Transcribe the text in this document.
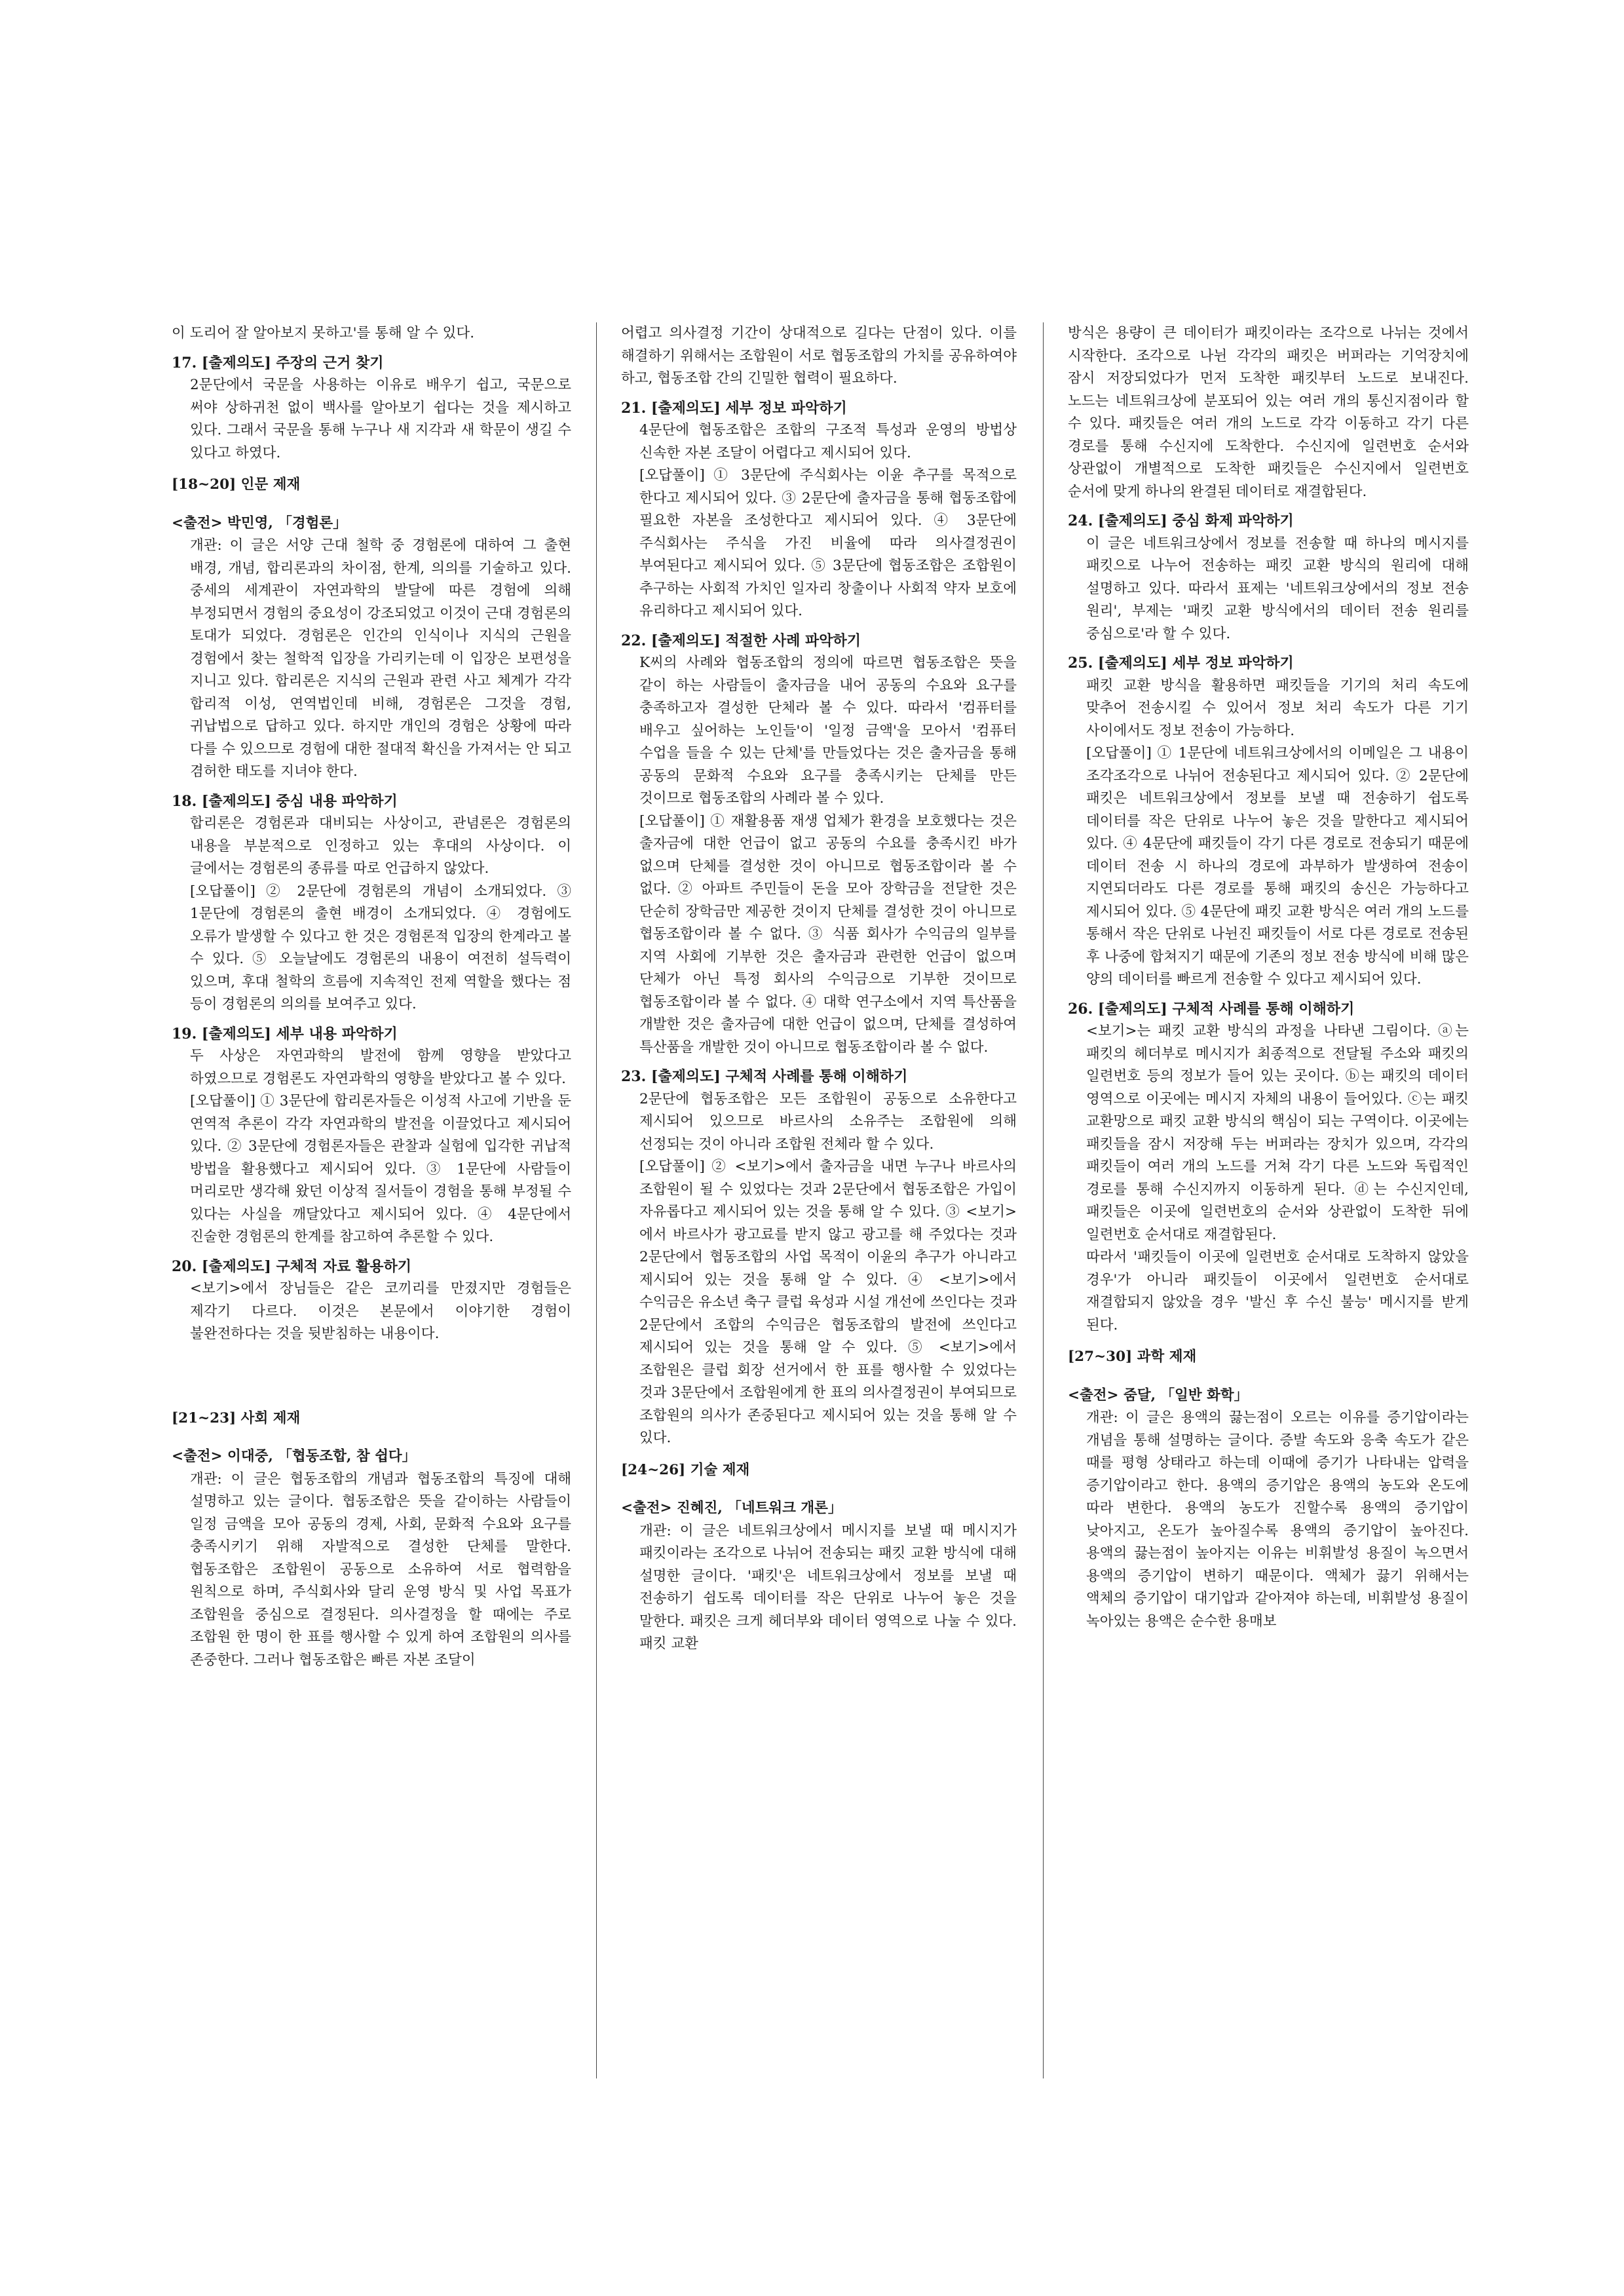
이 도리어 잘 알아보지 못하고'를 통해 알 수 있다.

17. [출제의도] 주장의 근거 찾기

2문단에서 국문을 사용하는 이유로 배우기 쉽고, 국문으로 써야 상하귀천 없이 백사를 알아보기 쉽다는 것을 제시하고 있다. 그래서 국문을 통해 누구나 새 지각과 새 학문이 생길 수 있다고 하였다.

[18~20] 인문 제재

<출전> 박민영, 「경험론」

개관: 이 글은 서양 근대 철학 중 경험론에 대하여 그 출현 배경, 개념, 합리론과의 차이점, 한계, 의의를 기술하고 있다. 중세의 세계관이 자연과학의 발달에 따른 경험에 의해 부정되면서 경험의 중요성이 강조되었고 이것이 근대 경험론의 토대가 되었다. 경험론은 인간의 인식이나 지식의 근원을 경험에서 찾는 철학적 입장을 가리키는데 이 입장은 보편성을 지니고 있다. 합리론은 지식의 근원과 관련 사고 체계가 각각 합리적 이성, 연역법인데 비해, 경험론은 그것을 경험, 귀납법으로 답하고 있다. 하지만 개인의 경험은 상황에 따라 다를 수 있으므로 경험에 대한 절대적 확신을 가져서는 안 되고 겸허한 태도를 지녀야 한다.

18. [출제의도] 중심 내용 파악하기

합리론은 경험론과 대비되는 사상이고, 관념론은 경험론의 내용을 부분적으로 인정하고 있는 후대의 사상이다. 이 글에서는 경험론의 종류를 따로 언급하지 않았다.

[오답풀이] ② 2문단에 경험론의 개념이 소개되었다. ③ 1문단에 경험론의 출현 배경이 소개되었다. ④ 경험에도 오류가 발생할 수 있다고 한 것은 경험론적 입장의 한계라고 볼 수 있다. ⑤ 오늘날에도 경험론의 내용이 여전히 설득력이 있으며, 후대 철학의 흐름에 지속적인 전제 역할을 했다는 점 등이 경험론의 의의를 보여주고 있다.

19. [출제의도] 세부 내용 파악하기

두 사상은 자연과학의 발전에 함께 영향을 받았다고 하였으므로 경험론도 자연과학의 영향을 받았다고 볼 수 있다.

[오답풀이] ① 3문단에 합리론자들은 이성적 사고에 기반을 둔 연역적 추론이 각각 자연과학의 발전을 이끌었다고 제시되어 있다. ② 3문단에 경험론자들은 관찰과 실험에 입각한 귀납적 방법을 활용했다고 제시되어 있다. ③ 1문단에 사람들이 머리로만 생각해 왔던 이상적 질서들이 경험을 통해 부정될 수 있다는 사실을 깨달았다고 제시되어 있다. ④ 4문단에서 진술한 경험론의 한계를 참고하여 추론할 수 있다.

20. [출제의도] 구체적 자료 활용하기

<보기>에서 장님들은 같은 코끼리를 만졌지만 경험들은 제각기 다르다. 이것은 본문에서 이야기한 경험이 불완전하다는 것을 뒷받침하는 내용이다.

[21~23] 사회 제재

<출전> 이대중, 「협동조합, 참 쉽다」

개관: 이 글은 협동조합의 개념과 협동조합의 특징에 대해 설명하고 있는 글이다. 협동조합은 뜻을 같이하는 사람들이 일정 금액을 모아 공동의 경제, 사회, 문화적 수요와 요구를 충족시키기 위해 자발적으로 결성한 단체를 말한다. 협동조합은 조합원이 공동으로 소유하여 서로 협력함을 원칙으로 하며, 주식회사와 달리 운영 방식 및 사업 목표가 조합원을 중심으로 결정된다. 의사결정을 할 때에는 주로 조합원 한 명이 한 표를 행사할 수 있게 하여 조합원의 의사를 존중한다. 그러나 협동조합은 빠른 자본 조달이

어렵고 의사결정 기간이 상대적으로 길다는 단점이 있다. 이를 해결하기 위해서는 조합원이 서로 협동조합의 가치를 공유하여야 하고, 협동조합 간의 긴밀한 협력이 필요하다.

21. [출제의도] 세부 정보 파악하기

4문단에 협동조합은 조합의 구조적 특성과 운영의 방법상 신속한 자본 조달이 어렵다고 제시되어 있다.

[오답풀이] ① 3문단에 주식회사는 이윤 추구를 목적으로 한다고 제시되어 있다. ③ 2문단에 출자금을 통해 협동조합에 필요한 자본을 조성한다고 제시되어 있다. ④ 3문단에 주식회사는 주식을 가진 비율에 따라 의사결정권이 부여된다고 제시되어 있다. ⑤ 3문단에 협동조합은 조합원이 추구하는 사회적 가치인 일자리 창출이나 사회적 약자 보호에 유리하다고 제시되어 있다.

22. [출제의도] 적절한 사례 파악하기

K씨의 사례와 협동조합의 정의에 따르면 협동조합은 뜻을 같이 하는 사람들이 출자금을 내어 공동의 수요와 요구를 충족하고자 결성한 단체라 볼 수 있다. 따라서 '컴퓨터를 배우고 싶어하는 노인들'이 '일정 금액'을 모아서 '컴퓨터 수업을 들을 수 있는 단체'를 만들었다는 것은 출자금을 통해 공동의 문화적 수요와 요구를 충족시키는 단체를 만든 것이므로 협동조합의 사례라 볼 수 있다.

[오답풀이] ① 재활용품 재생 업체가 환경을 보호했다는 것은 출자금에 대한 언급이 없고 공동의 수요를 충족시킨 바가 없으며 단체를 결성한 것이 아니므로 협동조합이라 볼 수 없다. ② 아파트 주민들이 돈을 모아 장학금을 전달한 것은 단순히 장학금만 제공한 것이지 단체를 결성한 것이 아니므로 협동조합이라 볼 수 없다. ③ 식품 회사가 수익금의 일부를 지역 사회에 기부한 것은 출자금과 관련한 언급이 없으며 단체가 아닌 특정 회사의 수익금으로 기부한 것이므로 협동조합이라 볼 수 없다. ④ 대학 연구소에서 지역 특산품을 개발한 것은 출자금에 대한 언급이 없으며, 단체를 결성하여 특산품을 개발한 것이 아니므로 협동조합이라 볼 수 없다.

23. [출제의도] 구체적 사례를 통해 이해하기

2문단에 협동조합은 모든 조합원이 공동으로 소유한다고 제시되어 있으므로 바르사의 소유주는 조합원에 의해 선정되는 것이 아니라 조합원 전체라 할 수 있다.

[오답풀이] ② <보기>에서 출자금을 내면 누구나 바르사의 조합원이 될 수 있었다는 것과 2문단에서 협동조합은 가입이 자유롭다고 제시되어 있는 것을 통해 알 수 있다. ③ <보기>에서 바르사가 광고료를 받지 않고 광고를 해 주었다는 것과 2문단에서 협동조합의 사업 목적이 이윤의 추구가 아니라고 제시되어 있는 것을 통해 알 수 있다. ④ <보기>에서 수익금은 유소년 축구 클럽 육성과 시설 개선에 쓰인다는 것과 2문단에서 조합의 수익금은 협동조합의 발전에 쓰인다고 제시되어 있는 것을 통해 알 수 있다. ⑤ <보기>에서 조합원은 클럽 회장 선거에서 한 표를 행사할 수 있었다는 것과 3문단에서 조합원에게 한 표의 의사결정권이 부여되므로 조합원의 의사가 존중된다고 제시되어 있는 것을 통해 알 수 있다.

[24~26] 기술 제재

<출전> 진혜진, 「네트워크 개론」

개관: 이 글은 네트워크상에서 메시지를 보낼 때 메시지가 패킷이라는 조각으로 나뉘어 전송되는 패킷 교환 방식에 대해 설명한 글이다. '패킷'은 네트워크상에서 정보를 보낼 때 전송하기 쉽도록 데이터를 작은 단위로 나누어 놓은 것을 말한다. 패킷은 크게 헤더부와 데이터 영역으로 나눌 수 있다. 패킷 교환

방식은 용량이 큰 데이터가 패킷이라는 조각으로 나뉘는 것에서 시작한다. 조각으로 나뉜 각각의 패킷은 버퍼라는 기억장치에 잠시 저장되었다가 먼저 도착한 패킷부터 노드로 보내진다. 노드는 네트워크상에 분포되어 있는 여러 개의 통신지점이라 할 수 있다. 패킷들은 여러 개의 노드로 각각 이동하고 각기 다른 경로를 통해 수신지에 도착한다. 수신지에 일련번호 순서와 상관없이 개별적으로 도착한 패킷들은 수신지에서 일련번호 순서에 맞게 하나의 완결된 데이터로 재결합된다.

24. [출제의도] 중심 화제 파악하기

이 글은 네트워크상에서 정보를 전송할 때 하나의 메시지를 패킷으로 나누어 전송하는 패킷 교환 방식의 원리에 대해 설명하고 있다. 따라서 표제는 '네트워크상에서의 정보 전송 원리', 부제는 '패킷 교환 방식에서의 데이터 전송 원리를 중심으로'라 할 수 있다.

25. [출제의도] 세부 정보 파악하기

패킷 교환 방식을 활용하면 패킷들을 기기의 처리 속도에 맞추어 전송시킬 수 있어서 정보 처리 속도가 다른 기기 사이에서도 정보 전송이 가능하다.

[오답풀이] ① 1문단에 네트워크상에서의 이메일은 그 내용이 조각조각으로 나뉘어 전송된다고 제시되어 있다. ② 2문단에 패킷은 네트워크상에서 정보를 보낼 때 전송하기 쉽도록 데이터를 작은 단위로 나누어 놓은 것을 말한다고 제시되어 있다. ④ 4문단에 패킷들이 각기 다른 경로로 전송되기 때문에 데이터 전송 시 하나의 경로에 과부하가 발생하여 전송이 지연되더라도 다른 경로를 통해 패킷의 송신은 가능하다고 제시되어 있다. ⑤ 4문단에 패킷 교환 방식은 여러 개의 노드를 통해서 작은 단위로 나뉜진 패킷들이 서로 다른 경로로 전송된 후 나중에 합쳐지기 때문에 기존의 정보 전송 방식에 비해 많은 양의 데이터를 빠르게 전송할 수 있다고 제시되어 있다.

26. [출제의도] 구체적 사례를 통해 이해하기

<보기>는 패킷 교환 방식의 과정을 나타낸 그림이다. ⓐ는 패킷의 헤더부로 메시지가 최종적으로 전달될 주소와 패킷의 일련번호 등의 정보가 들어 있는 곳이다. ⓑ는 패킷의 데이터 영역으로 이곳에는 메시지 자체의 내용이 들어있다. ⓒ는 패킷 교환망으로 패킷 교환 방식의 핵심이 되는 구역이다. 이곳에는 패킷들을 잠시 저장해 두는 버퍼라는 장치가 있으며, 각각의 패킷들이 여러 개의 노드를 거쳐 각기 다른 노드와 독립적인 경로를 통해 수신지까지 이동하게 된다. ⓓ는 수신지인데, 패킷들은 이곳에 일련번호의 순서와 상관없이 도착한 뒤에 일련번호 순서대로 재결합된다.

따라서 '패킷들이 이곳에 일련번호 순서대로 도착하지 않았을 경우'가 아니라 패킷들이 이곳에서 일련번호 순서대로 재결합되지 않았을 경우 '발신 후 수신 불능' 메시지를 받게 된다.

[27~30] 과학 제재

<출전> 줌달, 「일반 화학」

개관: 이 글은 용액의 끓는점이 오르는 이유를 증기압이라는 개념을 통해 설명하는 글이다. 증발 속도와 응축 속도가 같은 때를 평형 상태라고 하는데 이때에 증기가 나타내는 압력을 증기압이라고 한다. 용액의 증기압은 용액의 농도와 온도에 따라 변한다. 용액의 농도가 진할수록 용액의 증기압이 낮아지고, 온도가 높아질수록 용액의 증기압이 높아진다. 용액의 끓는점이 높아지는 이유는 비휘발성 용질이 녹으면서 용액의 증기압이 변하기 때문이다. 액체가 끓기 위해서는 액체의 증기압이 대기압과 같아져야 하는데, 비휘발성 용질이 녹아있는 용액은 순수한 용매보
